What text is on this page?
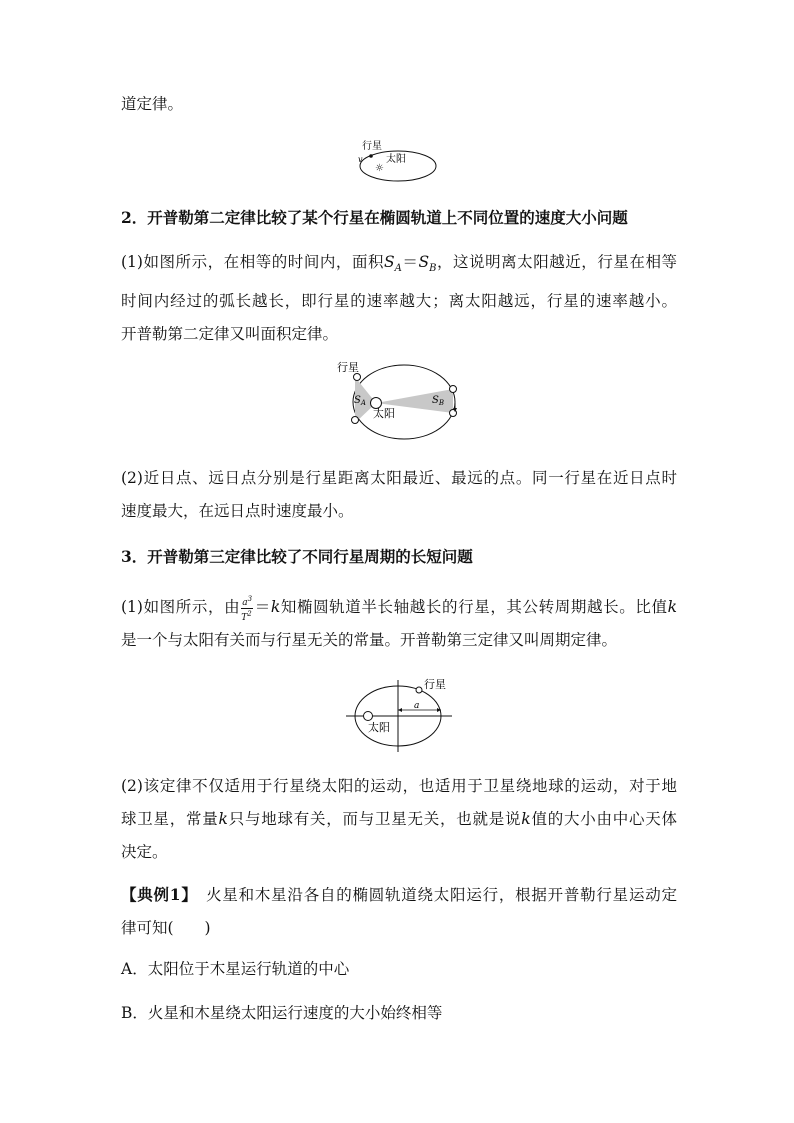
道定律。

☼
行星
太阳
v

2．开普勒第二定律比较了某个行星在椭圆轨道上不同位置的速度大小问题

(1)如图所示，在相等的时间内，面积$S_A=S_B$，这说明离太阳越近，行星在相等
时间内经过的弧长越长，即行星的速率越大；离太阳越远，行星的速率越小。
开普勒第二定律又叫面积定律。

行星
太阳
$S_A$	$S_B$

(2)近日点、远日点分别是行星距离太阳最近、最远的点。同一行星在近日点时
速度最大，在远日点时速度最小。

3．开普勒第三定律比较了不同行星周期的长短问题

(1)如图所示，由 $\frac{a^3}{T^2} =k$知椭圆轨道半长轴越长的行星，其公转周期越长。比值k
是一个与太阳有关而与行星无关的常量。开普勒第三定律又叫周期定律。

a
行星
太阳

(2)该定律不仅适用于行星绕太阳的运动，也适用于卫星绕地球的运动，对于地
球卫星，常量k只与地球有关，而与卫星无关，也就是说k值的大小由中心天体
决定。

【典例1】　 火星和木星沿各自的椭圆轨道绕太阳运行，根据开普勒行星运动定
律可知(　　)

A．太阳位于木星运行轨道的中心

B．火星和木星绕太阳运行速度的大小始终相等
